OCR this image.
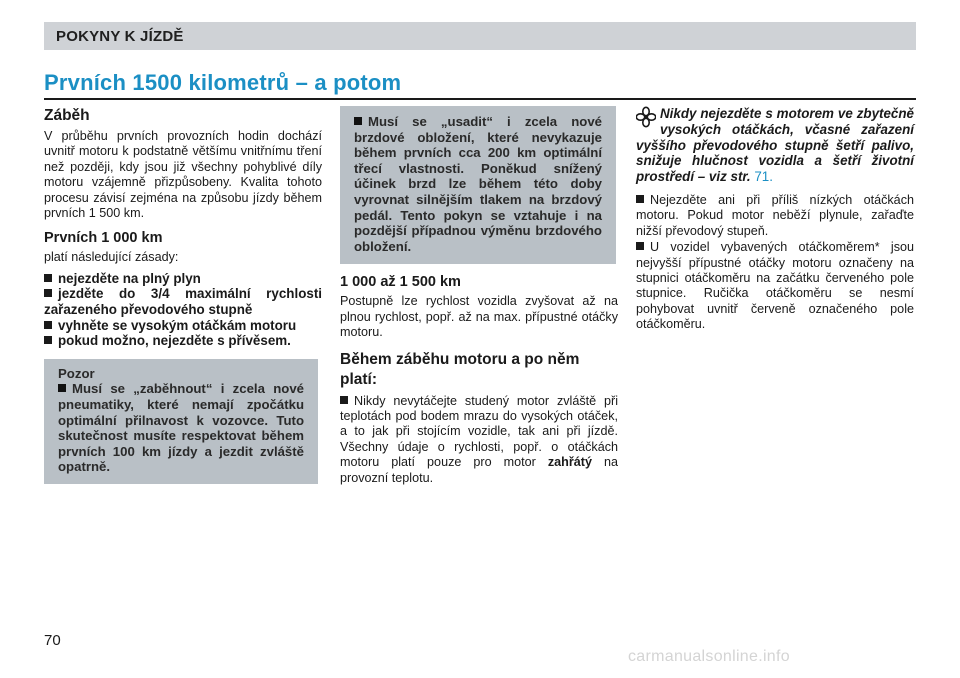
POKYNY K JÍZDĚ
Prvních 1500 kilometrů – a potom
Záběh

V průběhu prvních provozních hodin dochází uvnitř motoru k podstatně většímu vnitřnímu tření než později, kdy jsou již všechny pohyblivé díly motoru vzájemně přizpůsobeny. Kvalita tohoto procesu závisí zejména na způsobu jízdy během prvních 1 500 km.

Prvních 1 000 km

platí následující zásady:

nejezděte na plný plyn
jezděte do 3/4 maximální rychlosti zařazeného převodového stupně
vyhněte se vysokým otáčkám motoru
pokud možno, nejezděte s přívěsem.
Pozor
Musí se „zaběhnout“ i zcela nové pneumatiky, které nemají zpočátku optimální přilnavost k vozovce. Tuto skutečnost musíte respektovat během prvních 100 km jízdy a jezdit zvláště opatrně.
Musí se „usadit“ i zcela nové brzdové obložení, které nevykazuje během prvních cca 200 km optimální třecí vlastnosti. Poněkud snížený účinek brzd lze během této doby vyrovnat silnějším tlakem na brzdový pedál. Tento pokyn se vztahuje i na pozdější případnou výměnu brzdového obložení.
1 000 až 1 500 km

Postupně lze rychlost vozidla zvyšovat až na plnou rychlost, popř. až na max. přípustné otáčky motoru.

Během záběhu motoru a po něm platí:

Nikdy nevytáčejte studený motor zvláště při teplotách pod bodem mrazu do vysokých otáček, a to jak při stojícím vozidle, tak ani při jízdě. Všechny údaje o rychlosti, popř. o otáčkách motoru platí pouze pro motor zahřátý na provozní teplotu.

Nikdy nejezděte s motorem ve zbytečně vysokých otáčkách, včasné zařazení vyššího převodového stupně šetří palivo, snižuje hlučnost vozidla a šetří životní prostředí – viz str. 71.

Nejezděte ani při příliš nízkých otáčkách motoru. Pokud motor neběží plynule, zařaďte nižší převodový stupeň.

U vozidel vybavených otáčkoměrem* jsou nejvyšší přípustné otáčky motoru označeny na stupnici otáčkoměru na začátku červeného pole stupnice. Ručička otáčkoměru se nesmí pohybovat uvnitř červeně označeného pole otáčkoměru.

70
carmanualsonline.info
